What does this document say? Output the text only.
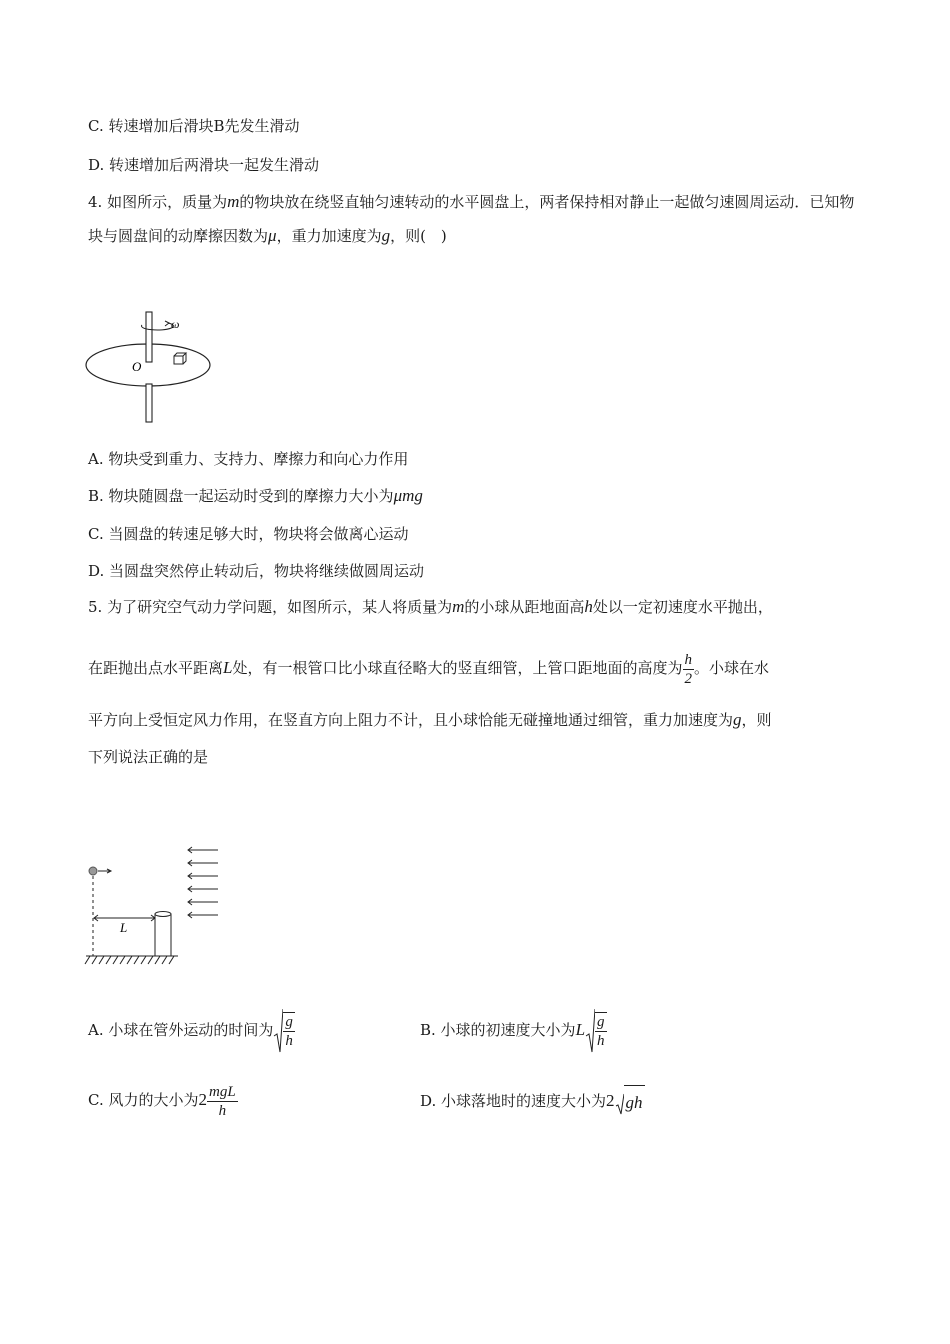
C. 转速增加后滑块B先发生滑动
D. 转速增加后两滑块一起发生滑动
4. 如图所示，质量为m的物块放在绕竖直轴匀速转动的水平圆盘上，两者保持相对静止一起做匀速圆周运动．已知物块与圆盘间的动摩擦因数为μ，重力加速度为g，则(　)
ω
O
A. 物块受到重力、支持力、摩擦力和向心力作用
B. 物块随圆盘一起运动时受到的摩擦力大小为μmg
C. 当圆盘的转速足够大时，物块将会做离心运动
D. 当圆盘突然停止转动后，物块将继续做圆周运动
5. 为了研究空气动力学问题，如图所示，某人将质量为m的小球从距地面高h处以一定初速度水平抛出，
在距抛出点水平距离L处，有一根管口比小球直径略大的竖直细管，上管口距地面的高度为 $\frac{h}{2}$ 。小球在水
平方向上受恒定风力作用，在竖直方向上阻力不计，且小球恰能无碰撞地通过细管，重力加速度为g，则
下列说法正确的是
L
A. 小球在管外运动的时间为 $\frac{g}{h}$	B. 小球的初速度大小为L $\frac{g}{h}$
C. 风力的大小为$2 \frac{\text{mgL}}{h}$	D. 小球落地时的速度大小为2 gh
